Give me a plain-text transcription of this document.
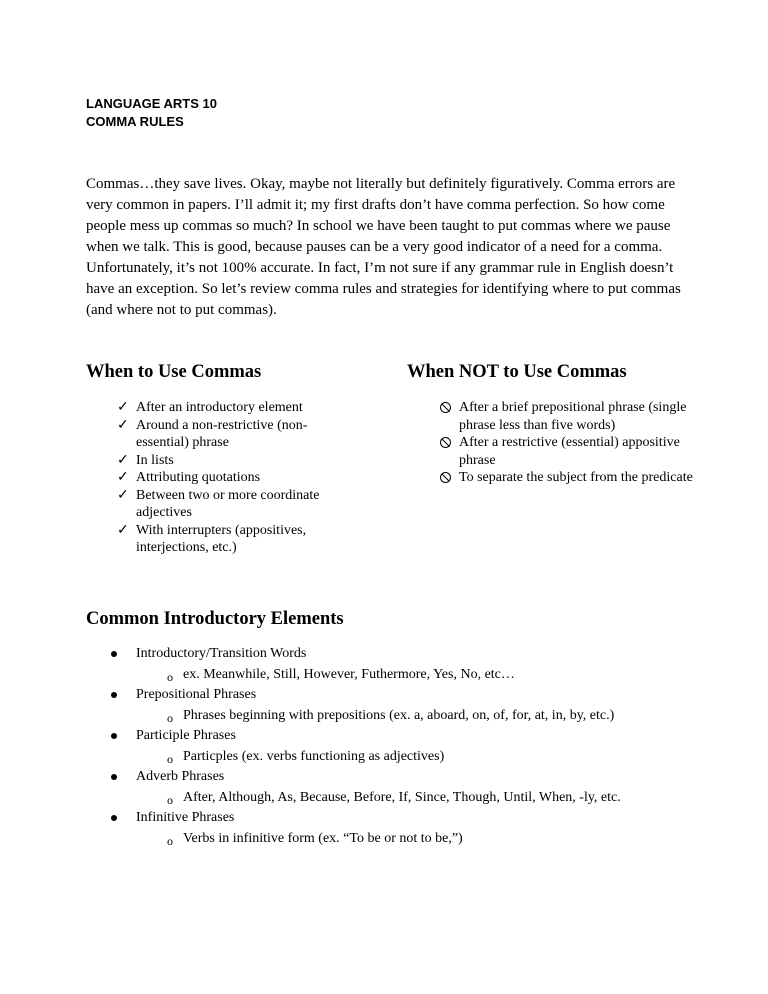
LANGUAGE ARTS 10
COMMA RULES

Commas…they save lives. Okay, maybe not literally but definitely figuratively. Comma errors are very common in papers. I’ll admit it; my first drafts don’t have comma perfection. So how come people mess up commas so much? In school we have been taught to put commas where we pause when we talk. This is good, because pauses can be a very good indicator of a need for a comma. Unfortunately, it’s not 100% accurate. In fact, I’m not sure if any grammar rule in English doesn’t have an exception. So let’s review comma rules and strategies for identifying where to put commas (and where not to put commas).

When to Use Commas	When NOT to Use Commas
✓ After an introductory element
✓ Around a non-restrictive (non-essential) phrase
✓ In lists
✓ Attributing quotations
✓ Between two or more coordinate adjectives
✓ With interrupters (appositives, interjections, etc.)
After a brief prepositional phrase (single phrase less than five words)
After a restrictive (essential) appositive phrase
To separate the subject from the predicate
Common Introductory Elements
Introductory/Transition Words
o ex. Meanwhile, Still, However, Futhermore, Yes, No, etc…
Prepositional Phrases
o Phrases beginning with prepositions (ex. a, aboard, on, of, for, at, in, by, etc.)
Participle Phrases
o Particples (ex. verbs functioning as adjectives)
Adverb Phrases
o After, Although, As, Because, Before, If, Since, Though, Until, When, -ly, etc.
Infinitive Phrases
o Verbs in infinitive form (ex. “To be or not to be,”)
